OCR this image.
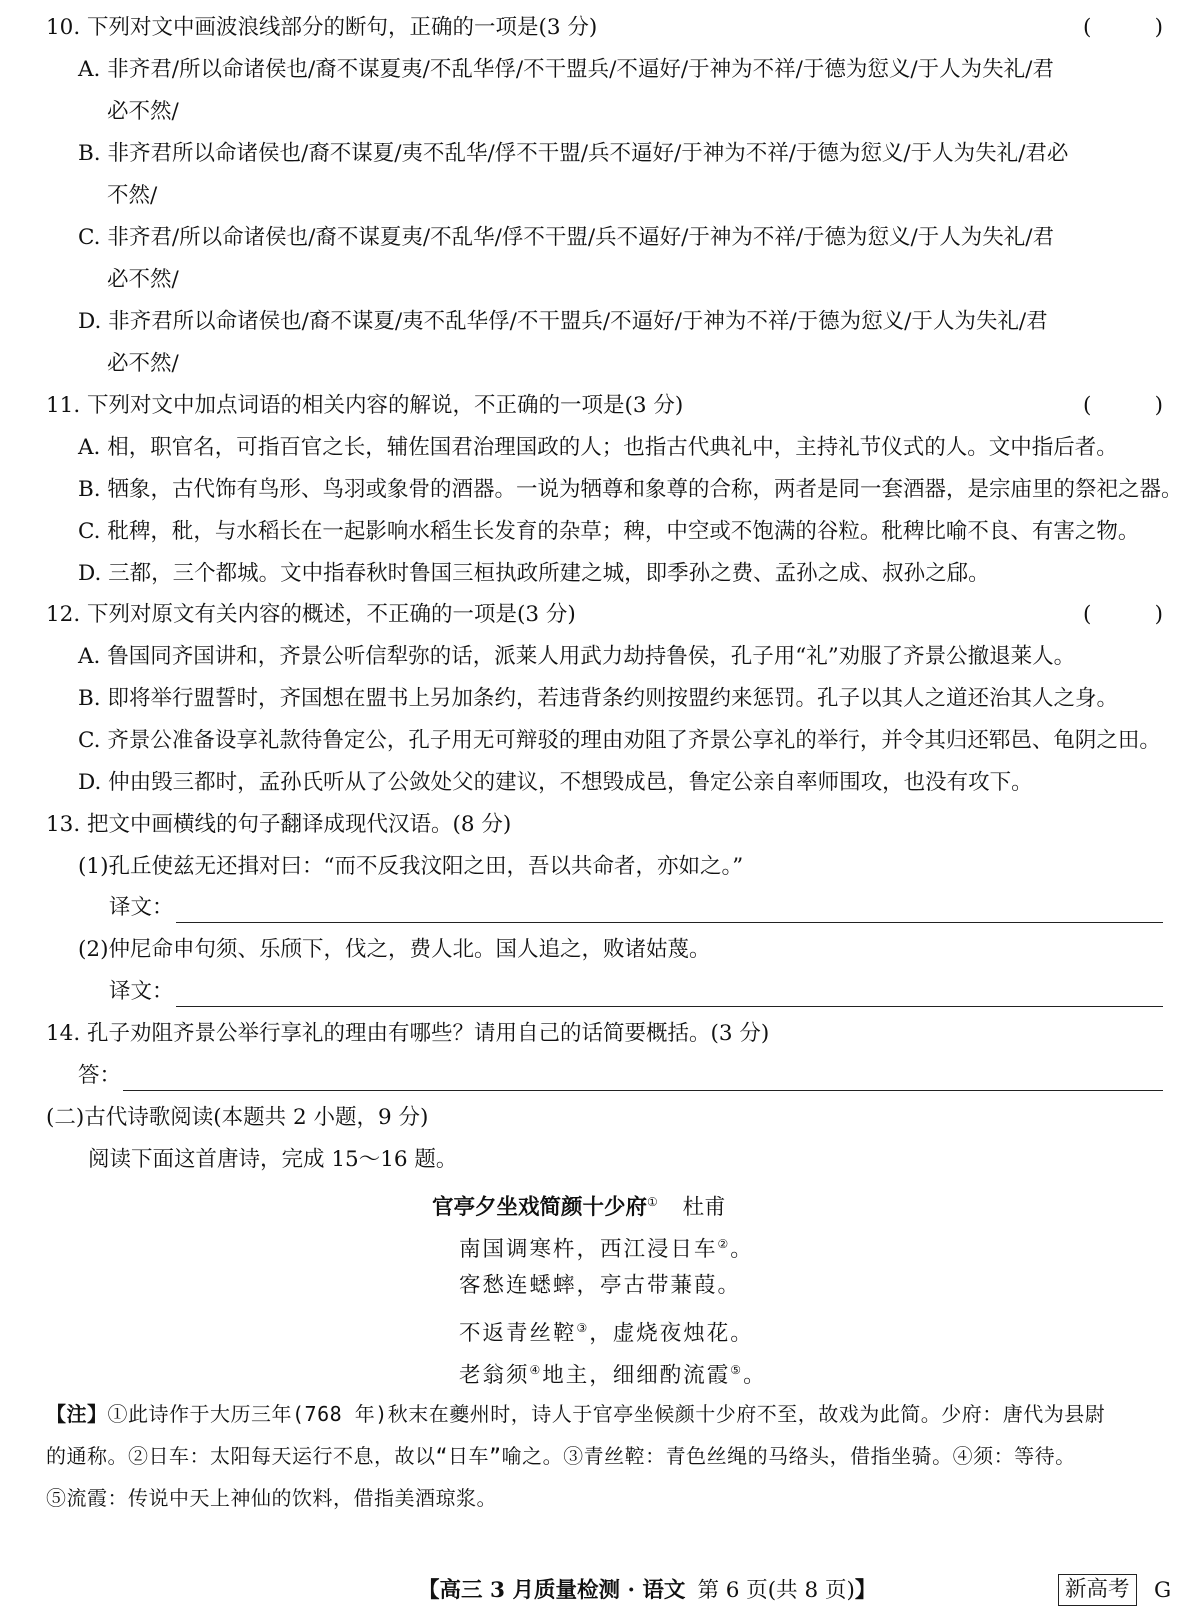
10. 下列对文中画波浪线部分的断句，正确的一项是(3 分)	(	)
A. 非齐君/所以命诸侯也/裔不谋夏夷/不乱华俘/不干盟兵/不逼好/于神为不祥/于德为愆义/于人为失礼/君
必不然/
B. 非齐君所以命诸侯也/裔不谋夏/夷不乱华/俘不干盟/兵不逼好/于神为不祥/于德为愆义/于人为失礼/君必
不然/
C. 非齐君/所以命诸侯也/裔不谋夏夷/不乱华/俘不干盟/兵不逼好/于神为不祥/于德为愆义/于人为失礼/君
必不然/
D. 非齐君所以命诸侯也/裔不谋夏/夷不乱华俘/不干盟兵/不逼好/于神为不祥/于德为愆义/于人为失礼/君
必不然/
11. 下列对文中加点词语的相关内容的解说，不正确的一项是(3 分)	(	)
A. 相，职官名，可指百官之长，辅佐国君治理国政的人；也指古代典礼中，主持礼节仪式的人。文中指后者。
B. 牺象，古代饰有鸟形、鸟羽或象骨的酒器。一说为牺尊和象尊的合称，两者是同一套酒器，是宗庙里的祭祀之器。
C. 秕稗，秕，与水稻长在一起影响水稻生长发育的杂草；稗，中空或不饱满的谷粒。秕稗比喻不良、有害之物。
D. 三都，三个都城。文中指春秋时鲁国三桓执政所建之城，即季孙之费、孟孙之成、叔孙之郈。
12. 下列对原文有关内容的概述，不正确的一项是(3 分)	(	)
A. 鲁国同齐国讲和，齐景公听信犁弥的话，派莱人用武力劫持鲁侯，孔子用“礼”劝服了齐景公撤退莱人。
B. 即将举行盟誓时，齐国想在盟书上另加条约，若违背条约则按盟约来惩罚。孔子以其人之道还治其人之身。
C. 齐景公准备设享礼款待鲁定公，孔子用无可辩驳的理由劝阻了齐景公享礼的举行，并令其归还郓邑、龟阴之田。
D. 仲由毁三都时，孟孙氏听从了公敛处父的建议，不想毁成邑，鲁定公亲自率师围攻，也没有攻下。
13. 把文中画横线的句子翻译成现代汉语。(8 分)
(1)孔丘使兹无还揖对曰：“而不反我汶阳之田，吾以共命者，亦如之。”
译文：
(2)仲尼命申句须、乐颀下，伐之，费人北。国人追之，败诸姑蔑。
译文：
14. 孔子劝阻齐景公举行享礼的理由有哪些？请用自己的话简要概括。(3 分)
答：
(二)古代诗歌阅读(本题共 2 小题，9 分)
阅读下面这首唐诗，完成 15～16 题。
官亭夕坐戏简颜十少府① 杜甫
南国调寒杵，西江浸日车②。
客愁连蟋蟀，亭古带蒹葭。
不返青丝鞚③，虚烧夜烛花。
老翁须④地主，细细酌流霞⑤。
【注】①此诗作于大历三年(768 年)秋末在夔州时，诗人于官亭坐候颜十少府不至，故戏为此简。少府：唐代为县尉
的通称。②日车：太阳每天运行不息，故以“日车”喻之。③青丝鞚：青色丝绳的马络头，借指坐骑。④须：等待。
⑤流霞：传说中天上神仙的饮料，借指美酒琼浆。
【高三 3 月质量检测 · 语文 第 6 页(共 8 页)】	新高考	G
